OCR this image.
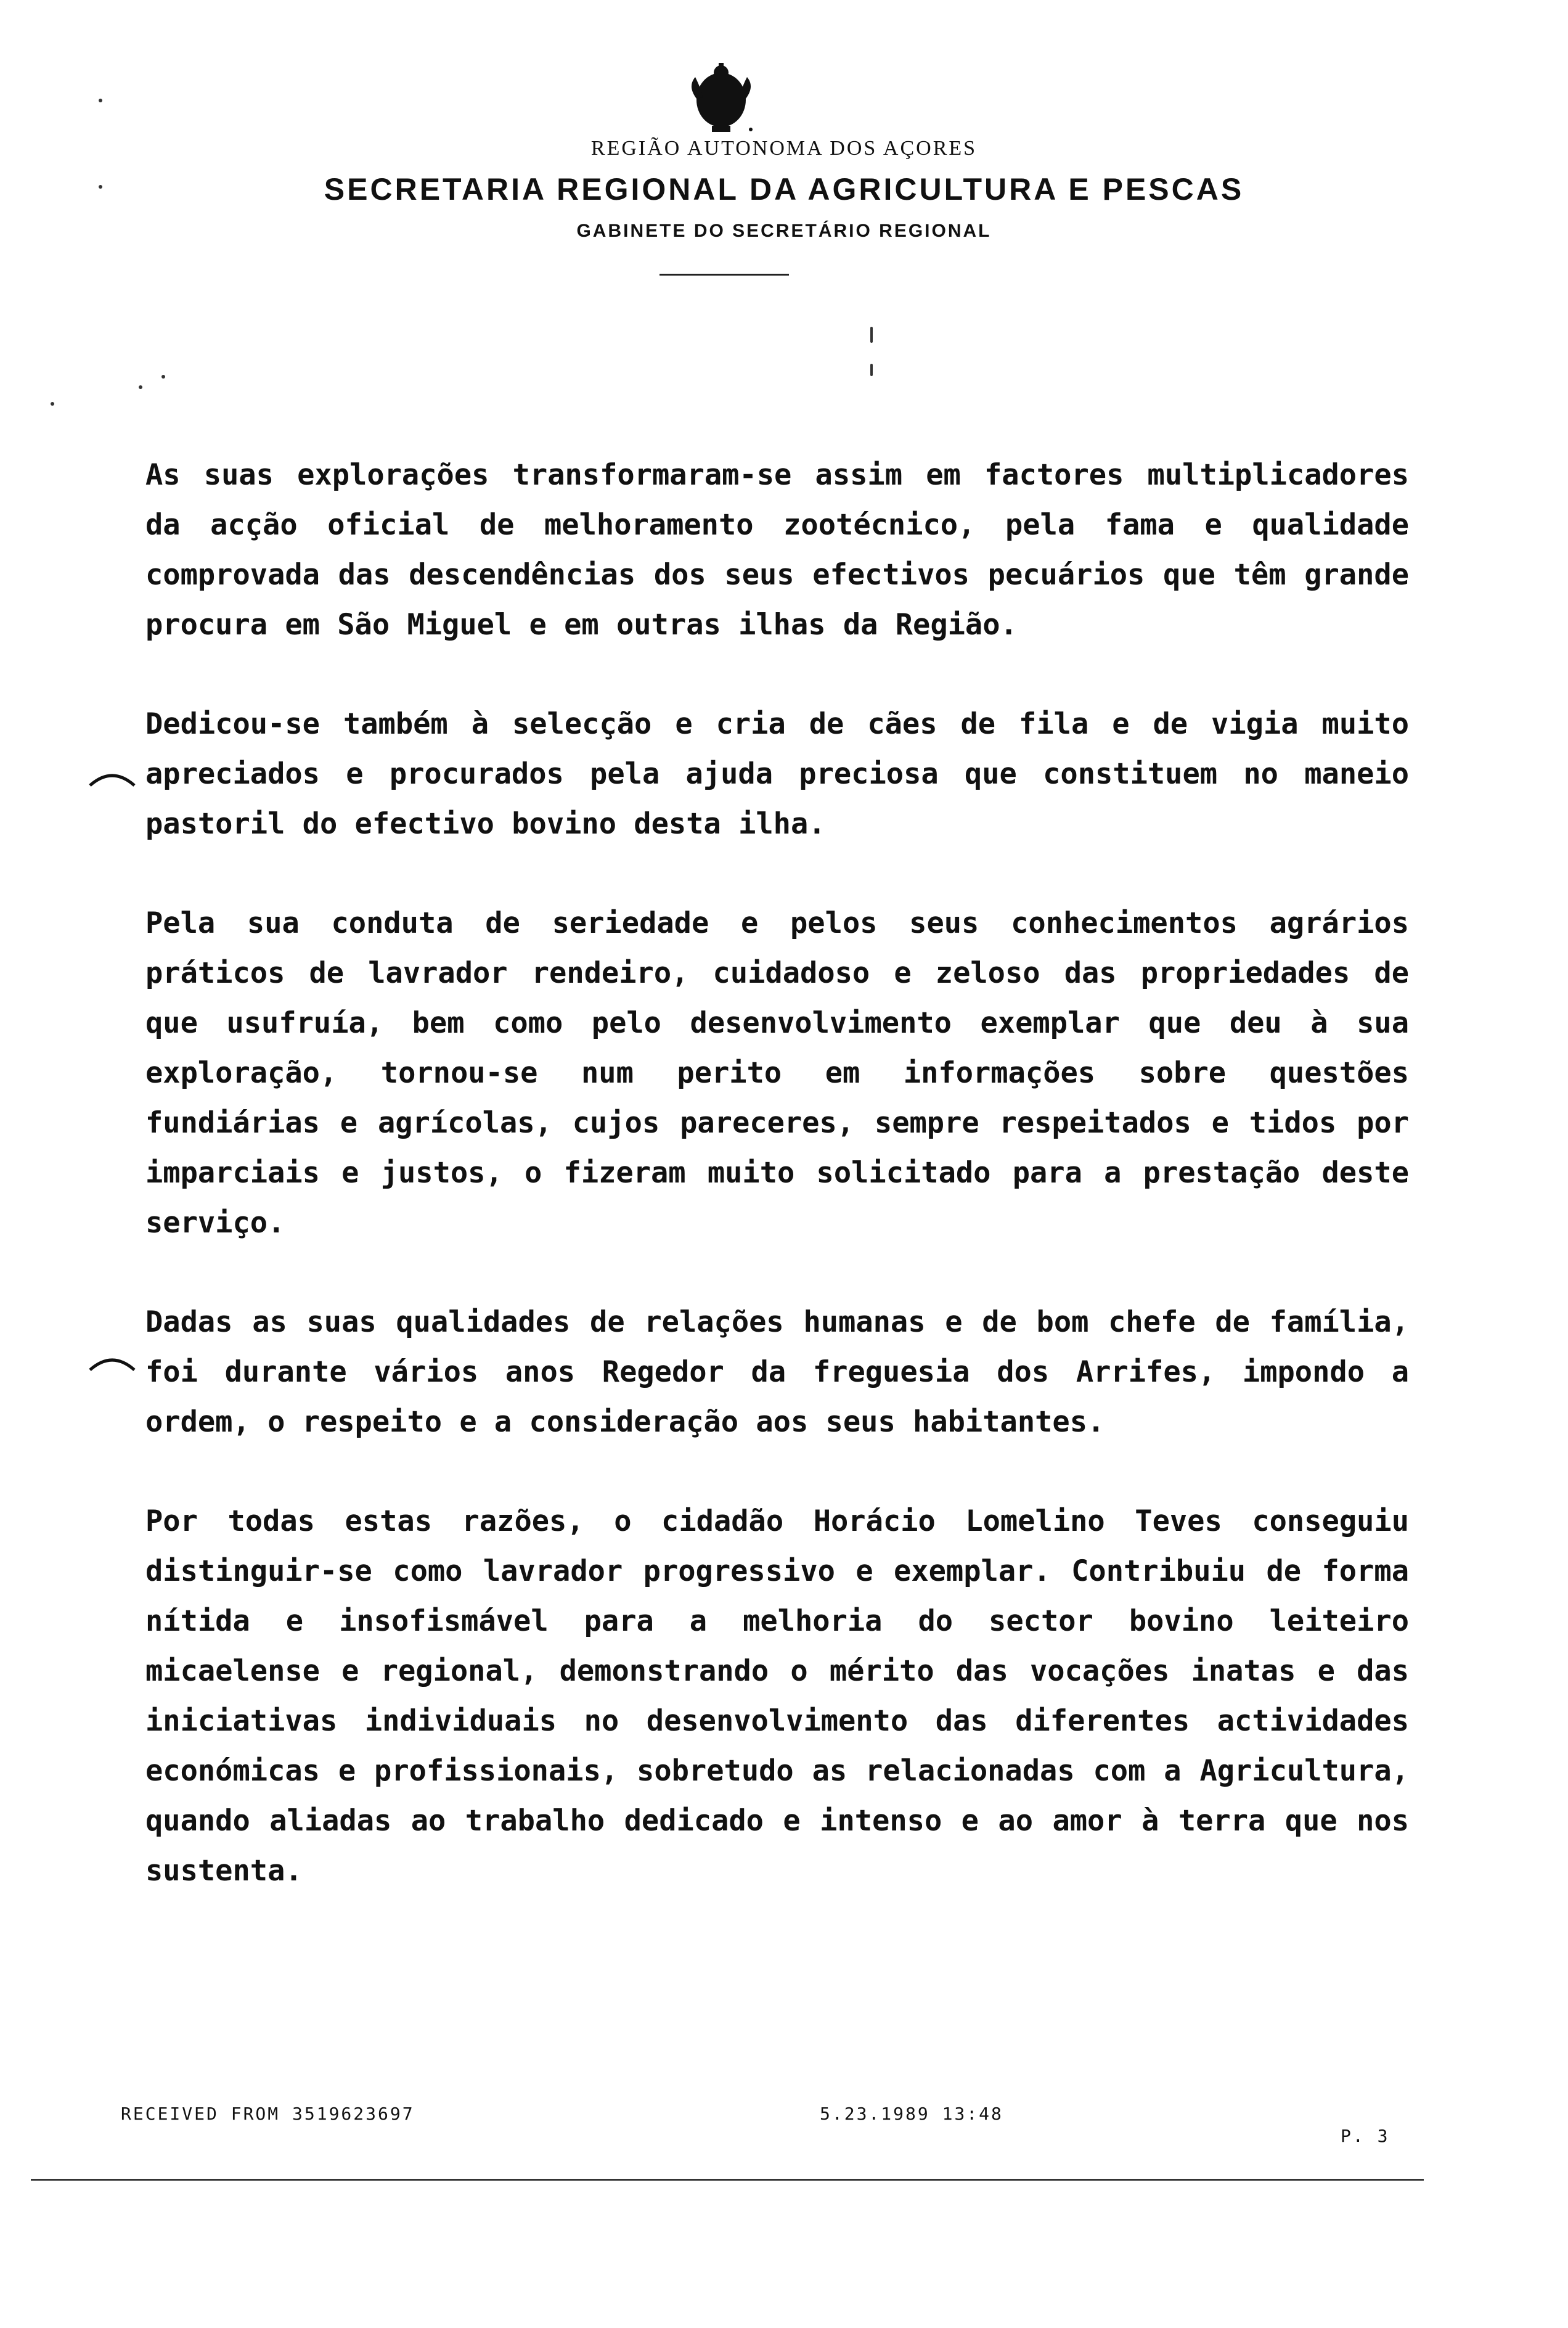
REGIÃO AUTONOMA DOS AÇORES
SECRETARIA REGIONAL DA AGRICULTURA E PESCAS
GABINETE DO SECRETÁRIO REGIONAL

As suas explorações transformaram-se assim em factores multiplicadores da acção oficial de melhoramento zootécnico, pela fama e qualidade comprovada das descendências dos seus efectivos pecuários que têm grande procura em São Miguel e em outras ilhas da Região.

Dedicou-se também à selecção e cria de cães de fila e de vigia muito apreciados e procurados pela ajuda preciosa que constituem no maneio pastoril do efectivo bovino desta ilha.

Pela sua conduta de seriedade e pelos seus conhecimentos agrários práticos de lavrador rendeiro, cuidadoso e zeloso das propriedades de que usufruía, bem como pelo desenvolvimento exemplar que deu à sua exploração, tornou-se num perito em informações sobre questões fundiárias e agrícolas, cujos pareceres, sempre respeitados e tidos por imparciais e justos, o fizeram muito solicitado para a prestação deste serviço.

Dadas as suas qualidades de relações humanas e de bom chefe de família, foi durante vários anos Regedor da freguesia dos Arrifes, impondo a ordem, o respeito e a consideração aos seus habitantes.

Por todas estas razões, o cidadão Horácio Lomelino Teves conseguiu distinguir-se como lavrador progressivo e exemplar. Contribuiu de forma nítida e insofismável para a melhoria do sector bovino leiteiro micaelense e regional, demonstrando o mérito das vocações inatas e das iniciativas individuais no desenvolvimento das diferentes actividades económicas e profissionais, sobretudo as relacionadas com a Agricultura, quando aliadas ao trabalho dedicado e intenso e ao amor à terra que nos sustenta.

RECEIVED FROM 3519623697	5.23.1989 13:48
P. 3
